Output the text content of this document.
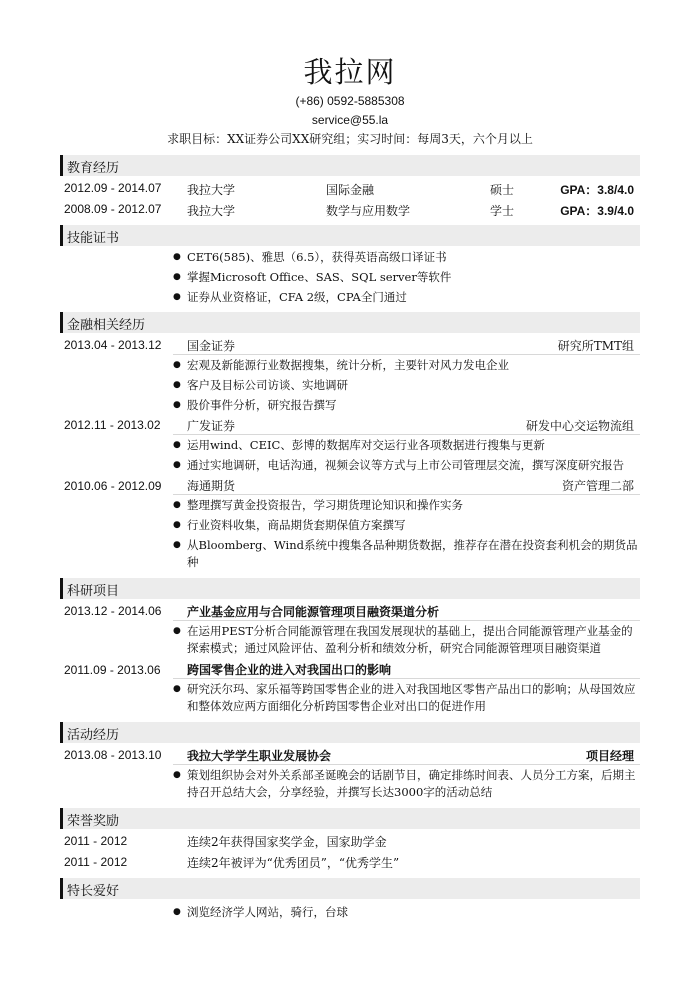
我拉网
(+86) 0592-5885308
service@55.la
求职目标：XX证券公司XX研究组；实习时间：每周3天，六个月以上
教育经历
2012.09 - 2014.07 我拉大学	国际金融	硕士	GPA：3.8/4.0
2008.09 - 2012.07 我拉大学	数学与应用数学	学士	GPA：3.9/4.0
技能证书
● CET6(585)、雅思（6.5），获得英语高级口译证书
● 掌握Microsoft Office、SAS、SQL server等软件
● 证券从业资格证，CFA 2级，CPA全门通过
金融相关经历
2013.04 - 2013.12 国金证券	研究所TMT组
● 宏观及新能源行业数据搜集，统计分析，主要针对风力发电企业
● 客户及目标公司访谈、实地调研
● 股价事件分析，研究报告撰写
2012.11 - 2013.02 广发证券	研发中心交运物流组
● 运用wind、CEIC、彭博的数据库对交运行业各项数据进行搜集与更新
● 通过实地调研，电话沟通，视频会议等方式与上市公司管理层交流，撰写深度研究报告
2010.06 - 2012.09 海通期货	资产管理二部
● 整理撰写黄金投资报告，学习期货理论知识和操作实务
● 行业资料收集，商品期货套期保值方案撰写
● 从Bloomberg、Wind系统中搜集各品种期货数据，推荐存在潜在投资套利机会的期货品种
科研项目
2013.12 - 2014.06 产业基金应用与合同能源管理项目融资渠道分析
● 在运用PEST分析合同能源管理在我国发展现状的基础上，提出合同能源管理产业基金的探索模式；通过风险评估、盈利分析和绩效分析，研究合同能源管理项目融资渠道
2011.09 - 2013.06 跨国零售企业的进入对我国出口的影响
● 研究沃尔玛、家乐福等跨国零售企业的进入对我国地区零售产品出口的影响；从母国效应和整体效应两方面细化分析跨国零售企业对出口的促进作用
活动经历
2013.08 - 2013.10 我拉大学学生职业发展协会	项目经理
● 策划组织协会对外关系部圣诞晚会的话剧节目，确定排练时间表、人员分工方案，后期主持召开总结大会，分享经验，并撰写长达3000字的活动总结
荣誉奖励
2011 - 2012	连续2年获得国家奖学金，国家助学金
2011 - 2012	连续2年被评为“优秀团员”，“优秀学生”
特长爱好
● 浏览经济学人网站，骑行，台球
